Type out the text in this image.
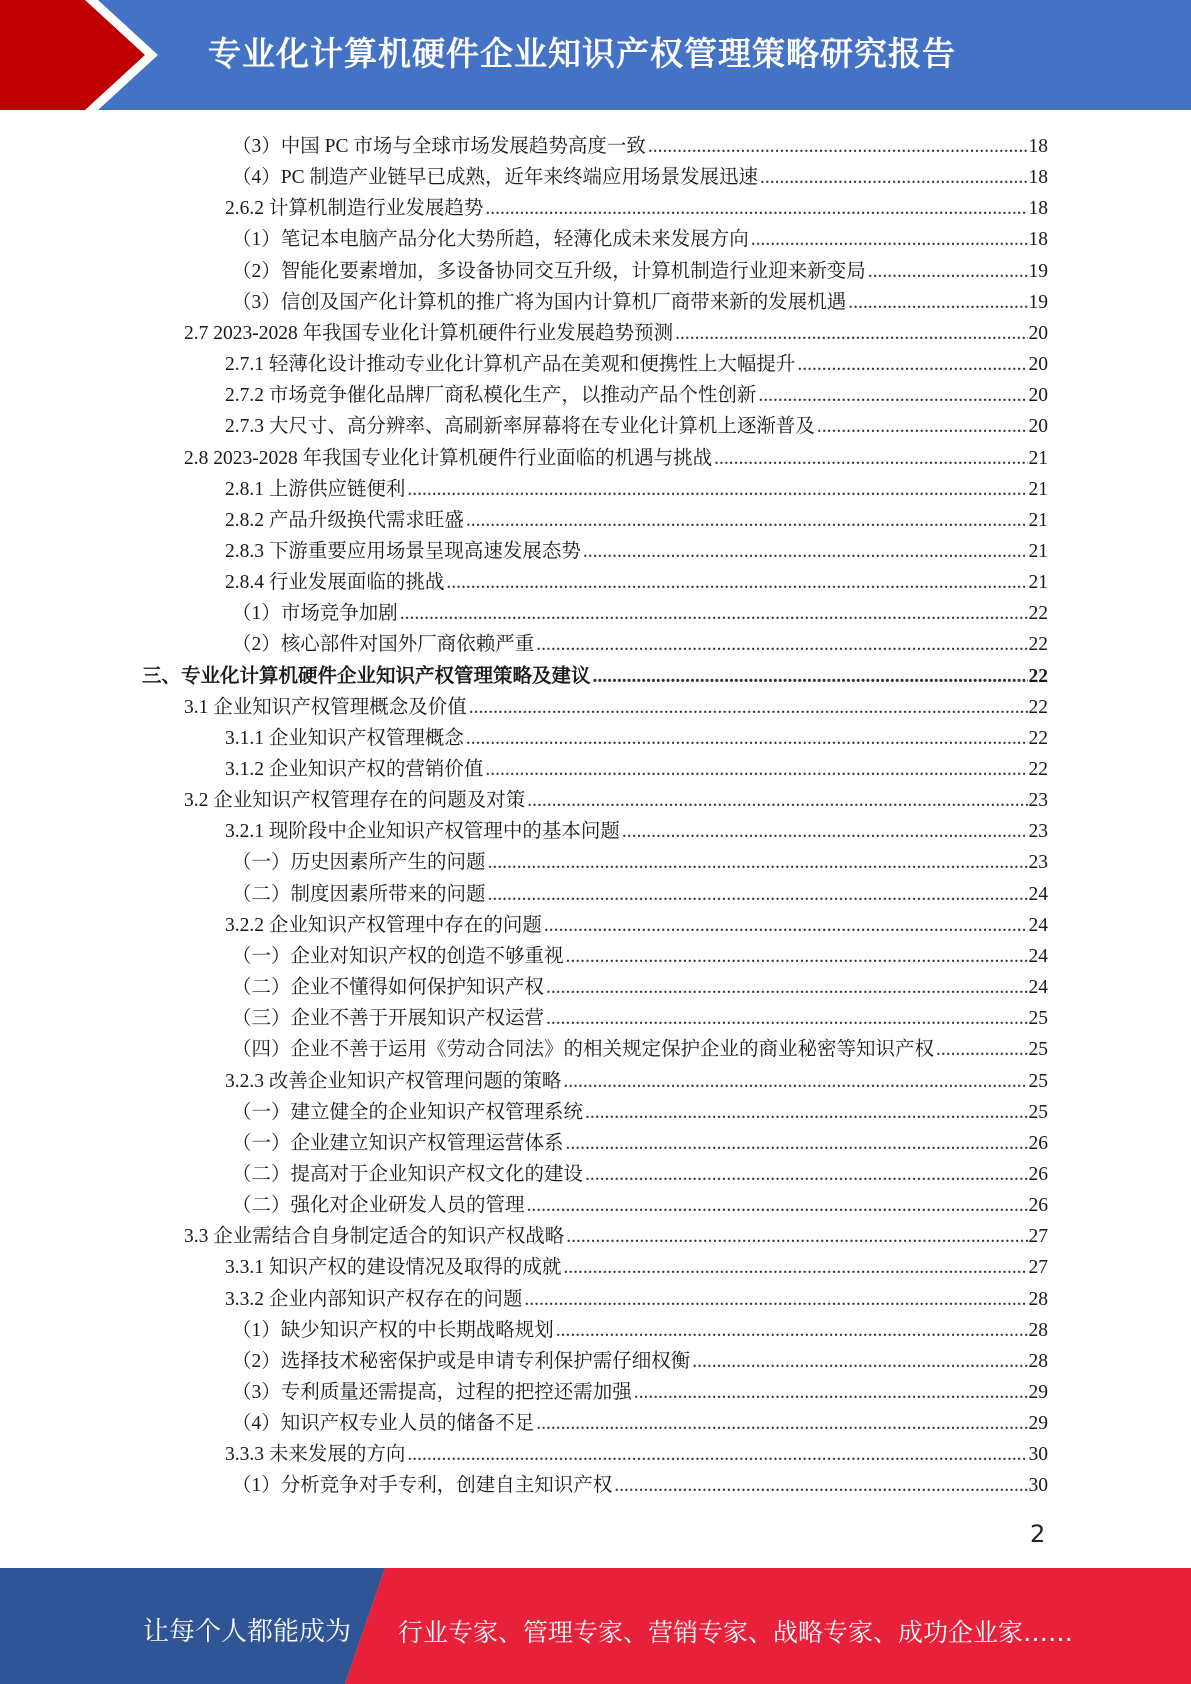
专业化计算机硬件企业知识产权管理策略研究报告
（3）中国 PC 市场与全球市场发展趋势高度一致 .....	18
（4）PC 制造产业链早已成熟，近年来终端应用场景发展迅速 .....	18
2.6.2 计算机制造行业发展趋势 .....	18
（1）笔记本电脑产品分化大势所趋，轻薄化成未来发展方向 .....	18
（2）智能化要素增加，多设备协同交互升级，计算机制造行业迎来新变局 .....	19
（3）信创及国产化计算机的推广将为国内计算机厂商带来新的发展机遇 .....	19
2.7 2023-2028 年我国专业化计算机硬件行业发展趋势预测 .....	20
2.7.1 轻薄化设计推动专业化计算机产品在美观和便携性上大幅提升 .....	20
2.7.2 市场竞争催化品牌厂商私模化生产，以推动产品个性创新 .....	20
2.7.3 大尺寸、高分辨率、高刷新率屏幕将在专业化计算机上逐渐普及 .....	20
2.8 2023-2028 年我国专业化计算机硬件行业面临的机遇与挑战 .....	21
2.8.1 上游供应链便利 .....	21
2.8.2 产品升级换代需求旺盛 .....	21
2.8.3 下游重要应用场景呈现高速发展态势 .....	21
2.8.4 行业发展面临的挑战 .....	21
（1）市场竞争加剧 .....	22
（2）核心部件对国外厂商依赖严重 .....	22
三、专业化计算机硬件企业知识产权管理策略及建议 .....	22
3.1 企业知识产权管理概念及价值 .....	22
3.1.1 企业知识产权管理概念 .....	22
3.1.2 企业知识产权的营销价值 .....	22
3.2 企业知识产权管理存在的问题及对策 .....	23
3.2.1 现阶段中企业知识产权管理中的基本问题 .....	23
（一）历史因素所产生的问题 .....	23
（二）制度因素所带来的问题 .....	24
3.2.2 企业知识产权管理中存在的问题 .....	24
（一）企业对知识产权的创造不够重视 .....	24
（二）企业不懂得如何保护知识产权 .....	24
（三）企业不善于开展知识产权运营 .....	25
（四）企业不善于运用《劳动合同法》的相关规定保护企业的商业秘密等知识产权 .....	25
3.2.3 改善企业知识产权管理问题的策略 .....	25
（一）建立健全的企业知识产权管理系统 .....	25
（一）企业建立知识产权管理运营体系 .....	26
（二）提高对于企业知识产权文化的建设 .....	26
（二）强化对企业研发人员的管理 .....	26
3.3 企业需结合自身制定适合的知识产权战略 .....	27
3.3.1 知识产权的建设情况及取得的成就 .....	27
3.3.2 企业内部知识产权存在的问题 .....	28
（1）缺少知识产权的中长期战略规划 .....	28
（2）选择技术秘密保护或是申请专利保护需仔细权衡 .....	28
（3）专利质量还需提高，过程的把控还需加强 .....	29
（4）知识产权专业人员的储备不足 .....	29
3.3.3 未来发展的方向 .....	30
（1）分析竞争对手专利，创建自主知识产权 .....	30
2
让每个人都能成为 行业专家、管理专家、营销专家、战略专家、成功企业家……
